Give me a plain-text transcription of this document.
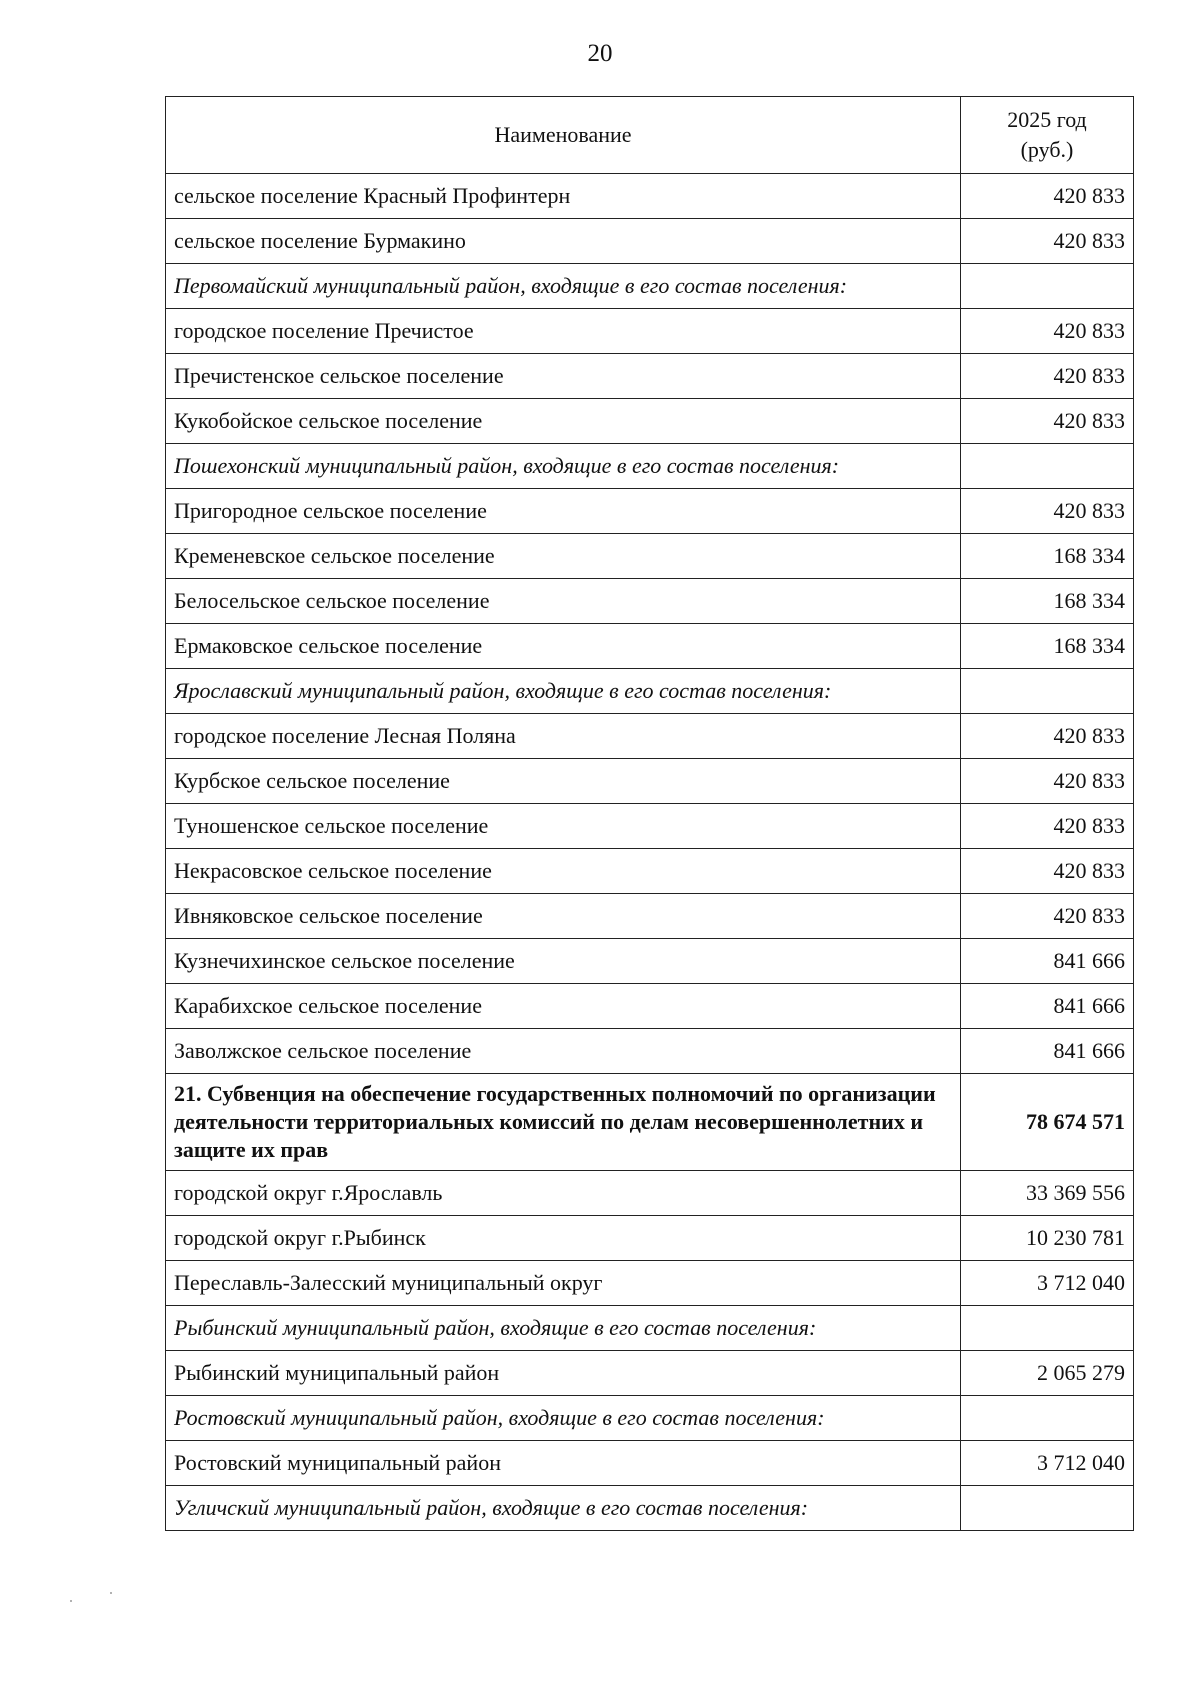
20
Наименование	2025 год
(руб.)
сельское поселение Красный Профинтерн	420 833
сельское поселение Бурмакино	420 833
Первомайский муниципальный район, входящие в его состав поселения:	
городское поселение Пречистое	420 833
Пречистенское сельское поселение	420 833
Кукобойское сельское поселение	420 833
Пошехонский муниципальный район, входящие в его состав поселения:	
Пригородное сельское поселение	420 833
Кременевское сельское поселение	168 334
Белосельское сельское поселение	168 334
Ермаковское сельское поселение	168 334
Ярославский муниципальный район, входящие в его состав поселения:	
городское поселение Лесная Поляна	420 833
Курбское сельское поселение	420 833
Туношенское сельское поселение	420 833
Некрасовское сельское поселение	420 833
Ивняковское сельское поселение	420 833
Кузнечихинское сельское поселение	841 666
Карабихское сельское поселение	841 666
Заволжское сельское поселение	841 666
21. Субвенция на обеспечение государственных полномочий по организации деятельности территориальных комиссий по делам несовершеннолетних и защите их прав	78 674 571
городской округ г.Ярославль	33 369 556
городской округ г.Рыбинск	10 230 781
Переславль-Залесский муниципальный округ	3 712 040
Рыбинский муниципальный район, входящие в его состав поселения:	
Рыбинский муниципальный район	2 065 279
Ростовский муниципальный район, входящие в его состав поселения:	
Ростовский муниципальный район	3 712 040
Угличский муниципальный район, входящие в его состав поселения:	
